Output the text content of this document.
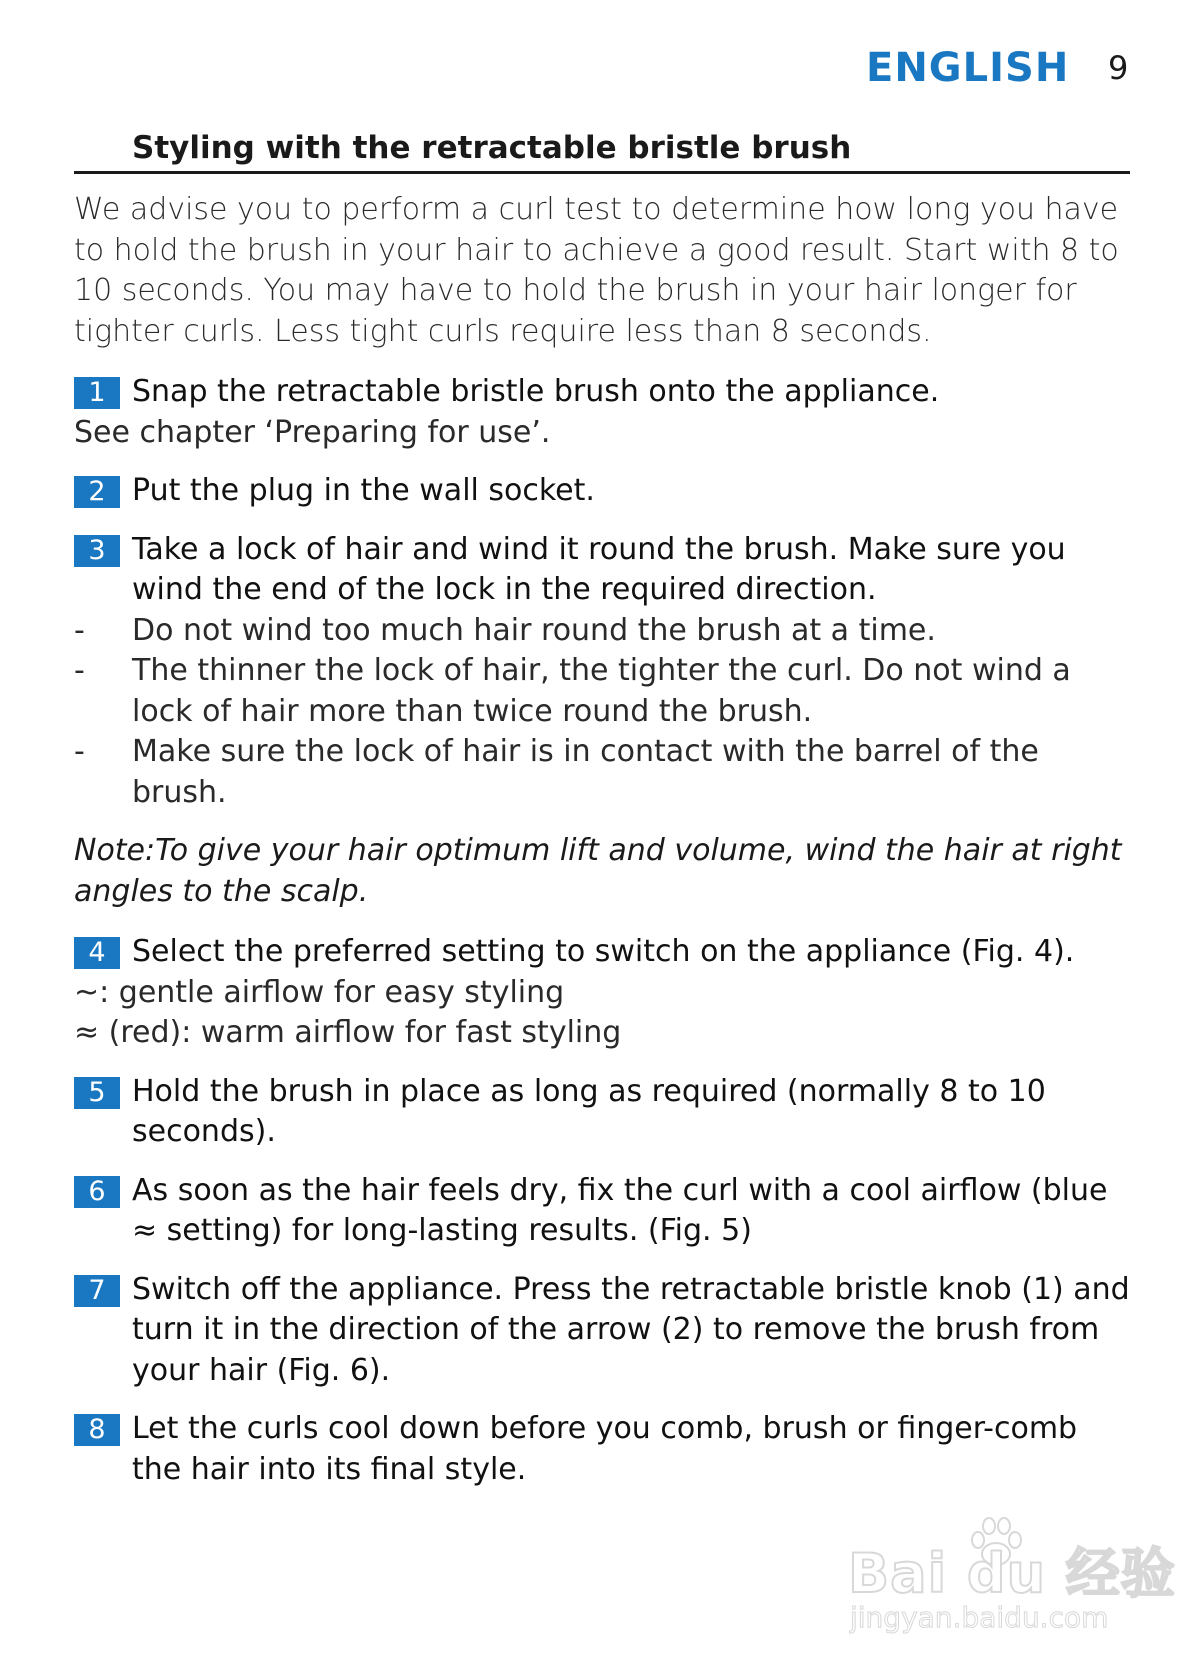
ENGLISH 9
Styling with the retractable bristle brush

We advise you to perform a curl test to determine how long you have to hold the brush in your hair to achieve a good result. Start with 8 to 10 seconds. You may have to hold the brush in your hair longer for tighter curls. Less tight curls require less than 8 seconds.

1 Snap the retractable bristle brush onto the appliance.
See chapter ‘Preparing for use’.
2 Put the plug in the wall socket.
3 Take a lock of hair and wind it round the brush. Make sure you wind the end of the lock in the required direction.
- Do not wind too much hair round the brush at a time.
- The thinner the lock of hair, the tighter the curl. Do not wind a lock of hair more than twice round the brush.
- Make sure the lock of hair is in contact with the barrel of the brush.

Note:To give your hair optimum lift and volume, wind the hair at right angles to the scalp.

4 Select the preferred setting to switch on the appliance (Fig. 4).
~: gentle airflow for easy styling
≈ (red): warm airflow for fast styling
5 Hold the brush in place as long as required (normally 8 to 10 seconds).
6 As soon as the hair feels dry, fix the curl with a cool airflow (blue ≈ setting) for long-lasting results. (Fig. 5)
7 Switch off the appliance. Press the retractable bristle knob (1) and turn it in the direction of the arrow (2) to remove the brush from your hair (Fig. 6).
8 Let the curls cool down before you comb, brush or finger-comb the hair into its final style.
Bai du 经验
jingyan.baidu.com
